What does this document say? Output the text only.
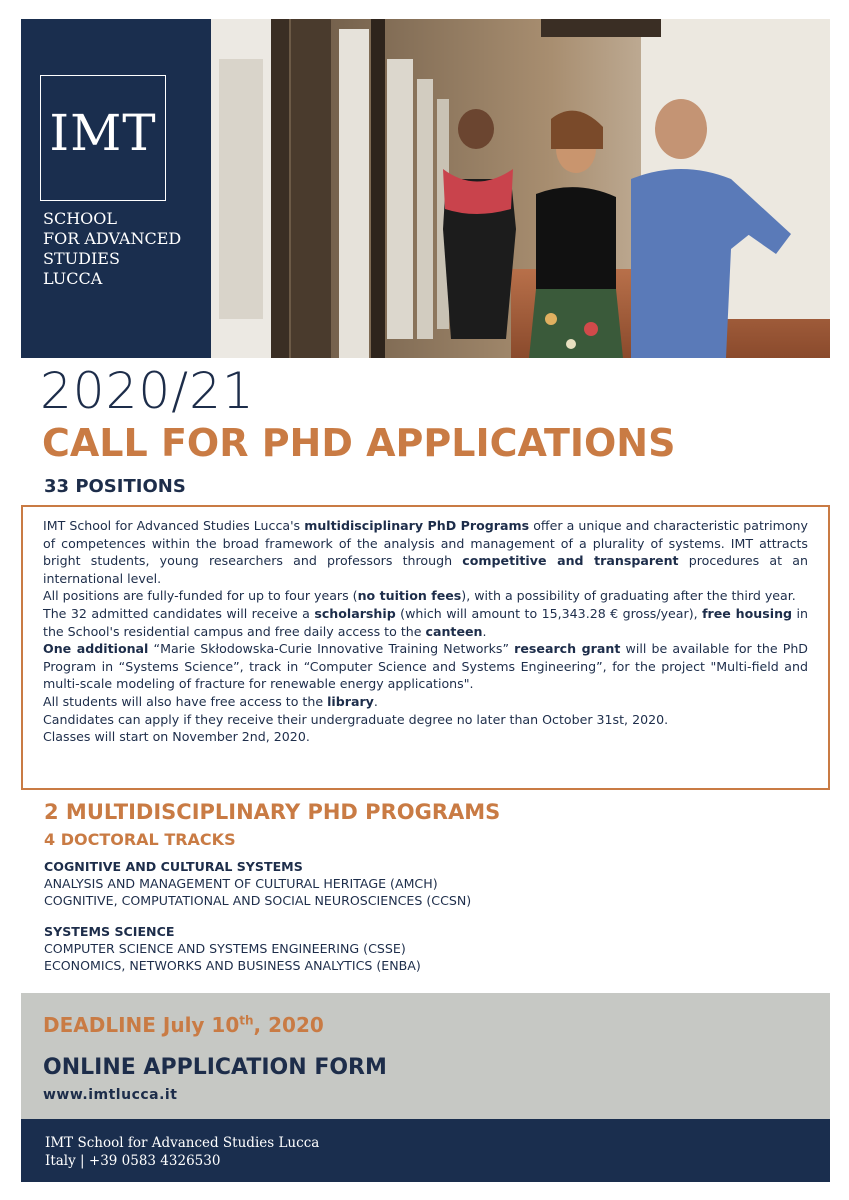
IMT
SCHOOL
FOR ADVANCED
STUDIES
LUCCA
2020/21
CALL FOR PHD APPLICATIONS
33 POSITIONS

IMT School for Advanced Studies Lucca's multidisciplinary PhD Programs offer a unique and characteristic patrimony of competences within the broad framework of the analysis and management of a plurality of systems. IMT attracts bright students, young researchers and professors through competitive and transparent procedures at an international level.

All positions are fully-funded for up to four years (no tuition fees), with a possibility of graduating after the third year.

The 32 admitted candidates will receive a scholarship (which will amount to 15,343.28 € gross/year), free housing in the School's residential campus and free daily access to the canteen.

One additional “Marie Skłodowska-Curie Innovative Training Networks” research grant will be available for the PhD Program in “Systems Science”, track in “Computer Science and Systems Engineering”, for the project "Multi-field and multi-scale modeling of fracture for renewable energy applications".

All students will also have free access to the library.

Candidates can apply if they receive their undergraduate degree no later than October 31st, 2020.

Classes will start on November 2nd, 2020.

2 MULTIDISCIPLINARY PHD PROGRAMS
4 DOCTORAL TRACKS
COGNITIVE AND CULTURAL SYSTEMS
ANALYSIS AND MANAGEMENT OF CULTURAL HERITAGE (AMCH)
COGNITIVE, COMPUTATIONAL AND SOCIAL NEUROSCIENCES (CCSN)
SYSTEMS SCIENCE
COMPUTER SCIENCE AND SYSTEMS ENGINEERING (CSSE)
ECONOMICS, NETWORKS AND BUSINESS ANALYTICS (ENBA)
DEADLINE July 10th, 2020
ONLINE APPLICATION FORM
www.imtlucca.it
IMT School for Advanced Studies Lucca
Italy | +39 0583 4326530
